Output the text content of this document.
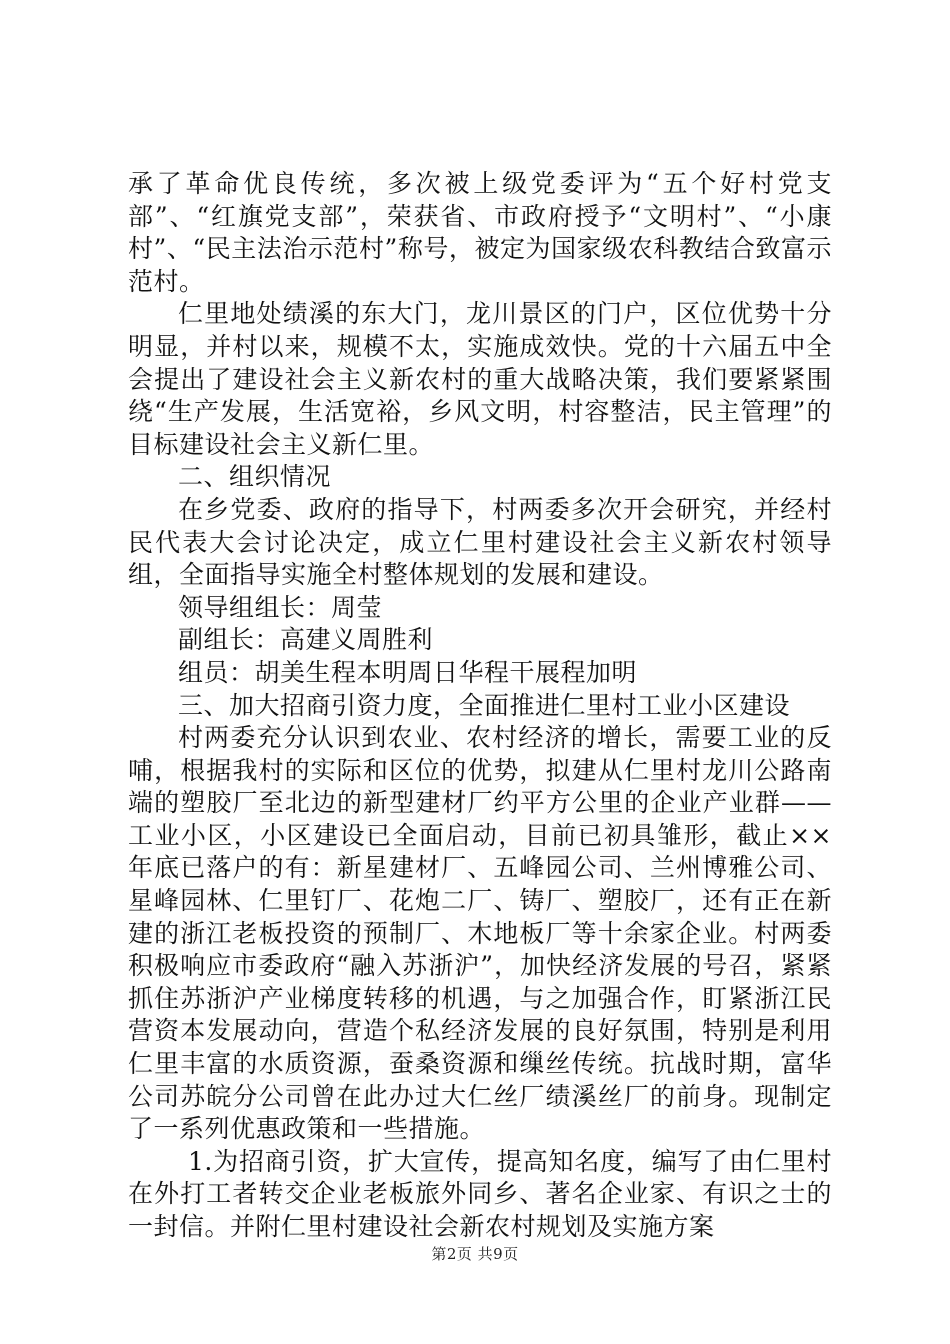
承了革命优良传统，多次被上级党委评为“五个好村党支部”、“红旗党支部”，荣获省、市政府授予“文明村”、“小康村”、“民主法治示范村”称号，被定为国家级农科教结合致富示范村。

仁里地处绩溪的东大门，龙川景区的门户，区位优势十分明显，并村以来，规模不太，实施成效快。党的十六届五中全会提出了建设社会主义新农村的重大战略决策，我们要紧紧围绕“生产发展，生活宽裕，乡风文明，村容整洁，民主管理”的目标建设社会主义新仁里。

二、组织情况

在乡党委、政府的指导下，村两委多次开会研究，并经村民代表大会讨论决定，成立仁里村建设社会主义新农村领导组，全面指导实施全村整体规划的发展和建设。

领导组组长：周莹

副组长：高建义周胜利

组员：胡美生程本明周日华程干展程加明

三、加大招商引资力度，全面推进仁里村工业小区建设

村两委充分认识到农业、农村经济的增长，需要工业的反哺，根据我村的实际和区位的优势，拟建从仁里村龙川公路南端的塑胶厂至北边的新型建材厂约平方公里的企业产业群——工业小区，小区建设已全面启动，目前已初具雏形，截止××年底已落户的有：新星建材厂、五峰园公司、兰州博雅公司、星峰园林、仁里钉厂、花炮二厂、铸厂、塑胶厂，还有正在新建的浙江老板投资的预制厂、木地板厂等十余家企业。村两委积极响应市委政府“融入苏浙沪”，加快经济发展的号召，紧紧抓住苏浙沪产业梯度转移的机遇，与之加强合作，盯紧浙江民营资本发展动向，营造个私经济发展的良好氛围，特别是利用仁里丰富的水质资源，蚕桑资源和缫丝传统。抗战时期，富华公司苏皖分公司曾在此办过大仁丝厂绩溪丝厂的前身。现制定了一系列优惠政策和一些措施。

1.为招商引资，扩大宣传，提高知名度，编写了由仁里村在外打工者转交企业老板旅外同乡、著名企业家、有识之士的一封信。并附仁里村建设社会新农村规划及实施方案

第2页 共9页
